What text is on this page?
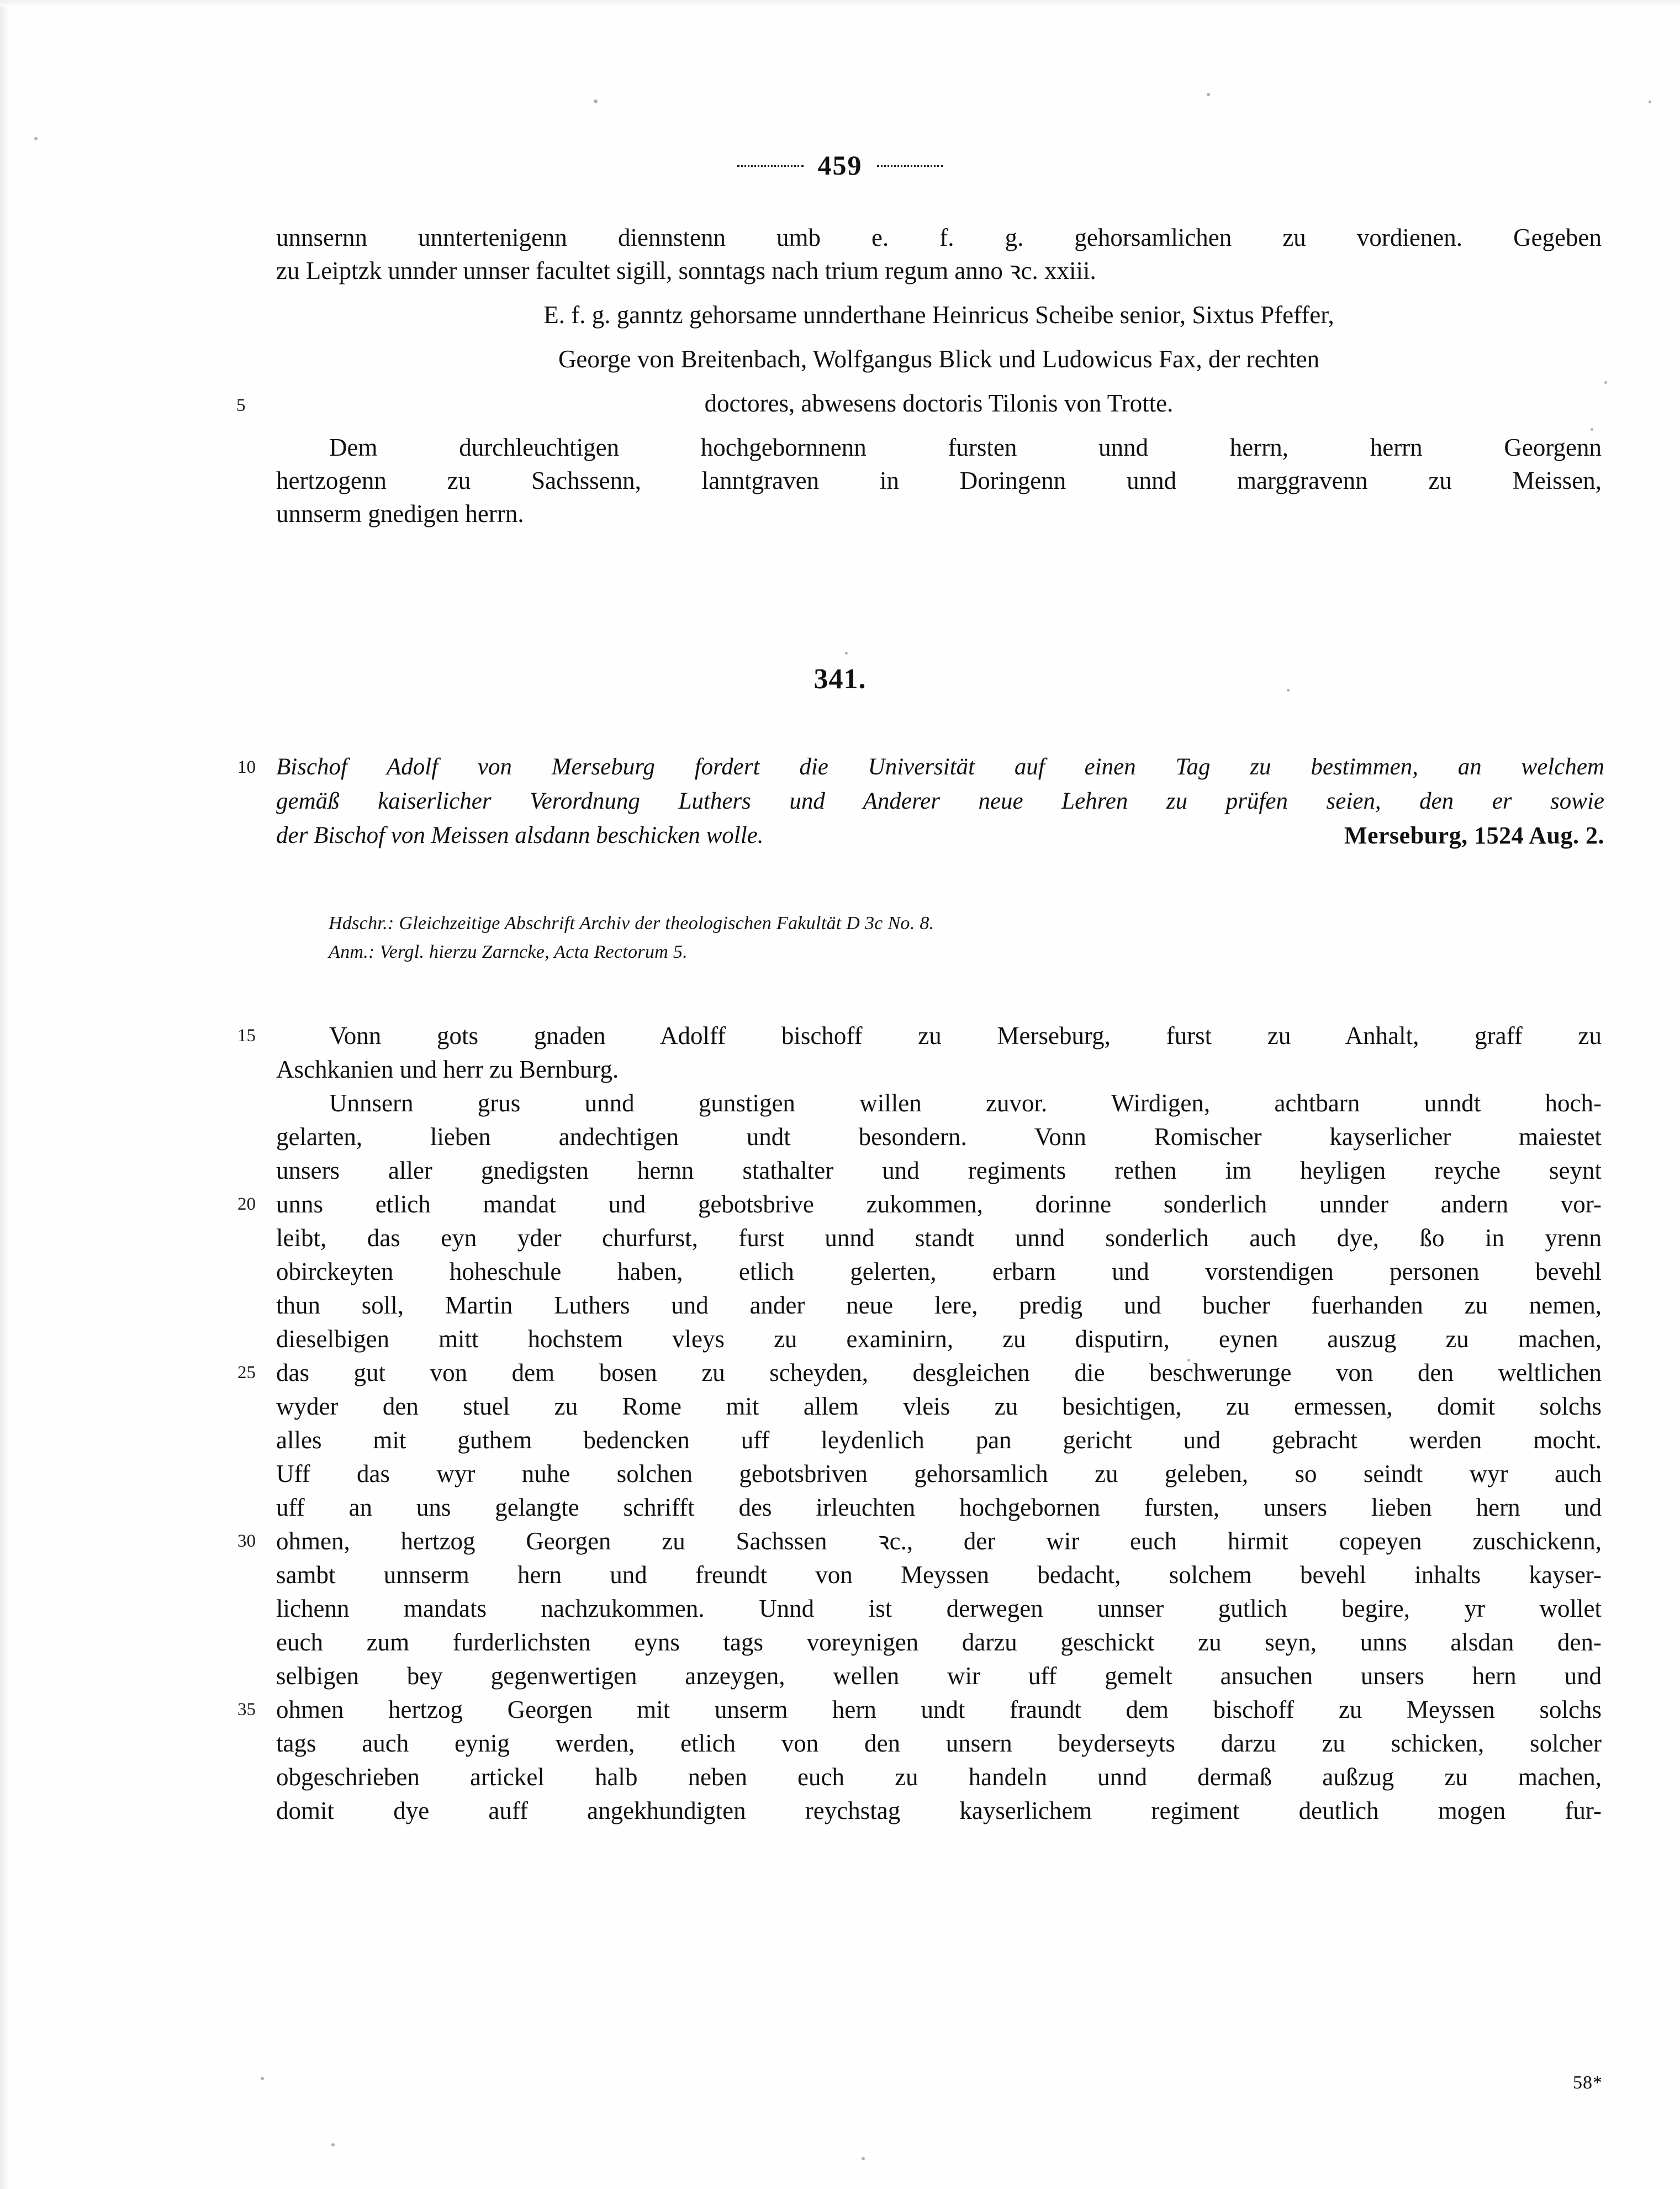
459
unnsernn unntertenigenn diennstenn umb e. f. g. gehorsamlichen zu vordienen. Gegeben
zu Leiptzk unnder unnser facultet sigill, sonntags nach trium regum anno ꝛc. xxiii.
E. f. g. ganntz gehorsame unnderthane Heinricus Scheibe senior, Sixtus Pfeffer,
George von Breitenbach, Wolfgangus Blick und Ludowicus Fax, der rechten
5	doctores, abwesens doctoris Tilonis von Trotte.
Dem durchleuchtigen hochgebornnenn fursten unnd herrn, herrn Georgenn
hertzogenn zu Sachssenn, lanntgraven in Doringenn unnd marggravenn zu Meissen,
unnserm gnedigen herrn.
341.
10 Bischof Adolf von Merseburg fordert die Universität auf einen Tag zu bestimmen, an welchem
gemäß kaiserlicher Verordnung Luthers und Anderer neue Lehren zu prüfen seien, den er sowie
Merseburg, 1524 Aug. 2.
der Bischof von Meissen alsdann beschicken wolle.
Hdschr.: Gleichzeitige Abschrift Archiv der theologischen Fakultät D 3c No. 8.
Anm.: Vergl. hierzu Zarncke, Acta Rectorum 5.
15	Vonn gots gnaden Adolff bischoff zu Merseburg, furst zu Anhalt, graff zu
Aschkanien und herr zu Bernburg.
Unnsern grus unnd gunstigen willen zuvor. Wirdigen, achtbarn unndt hoch-
gelarten, lieben andechtigen undt besondern. Vonn Romischer kayserlicher maiestet
unsers aller gnedigsten hernn stathalter und regiments rethen im heyligen reyche seynt
20 unns etlich mandat und gebotsbrive zukommen, dorinne sonderlich unnder andern vor-
leibt, das eyn yder churfurst, furst unnd standt unnd sonderlich auch dye, ßo in yrenn
obirckeyten hoheschule haben, etlich gelerten, erbarn und vorstendigen personen bevehl
thun soll, Martin Luthers und ander neue lere, predig und bucher fuerhanden zu nemen,
dieselbigen mitt hochstem vleys zu examinirn, zu disputirn, eynen auszug zu machen,
25 das gut von dem bosen zu scheyden, desgleichen die beschwerunge von den weltlichen
wyder den stuel zu Rome mit allem vleis zu besichtigen, zu ermessen, domit solchs
alles mit guthem bedencken uff leydenlich pan gericht und gebracht werden mocht.
Uff das wyr nuhe solchen gebotsbriven gehorsamlich zu geleben, so seindt wyr auch
uff an uns gelangte schrifft des irleuchten hochgebornen fursten, unsers lieben hern und
30 ohmen, hertzog Georgen zu Sachssen ꝛc., der wir euch hirmit copeyen zuschickenn,
sambt unnserm hern und freundt von Meyssen bedacht, solchem bevehl inhalts kayser-
lichenn mandats nachzukommen. Unnd ist derwegen unnser gutlich begire, yr wollet
euch zum furderlichsten eyns tags voreynigen darzu geschickt zu seyn, unns alsdan den-
selbigen bey gegenwertigen anzeygen, wellen wir uff gemelt ansuchen unsers hern und
35 ohmen hertzog Georgen mit unserm hern undt fraundt dem bischoff zu Meyssen solchs
tags auch eynig werden, etlich von den unsern beyderseyts darzu zu schicken, solcher
obgeschrieben artickel halb neben euch zu handeln unnd dermaß außzug zu machen,
domit dye auff angekhundigten reychstag kayserlichem regiment deutlich mogen fur-
58*
